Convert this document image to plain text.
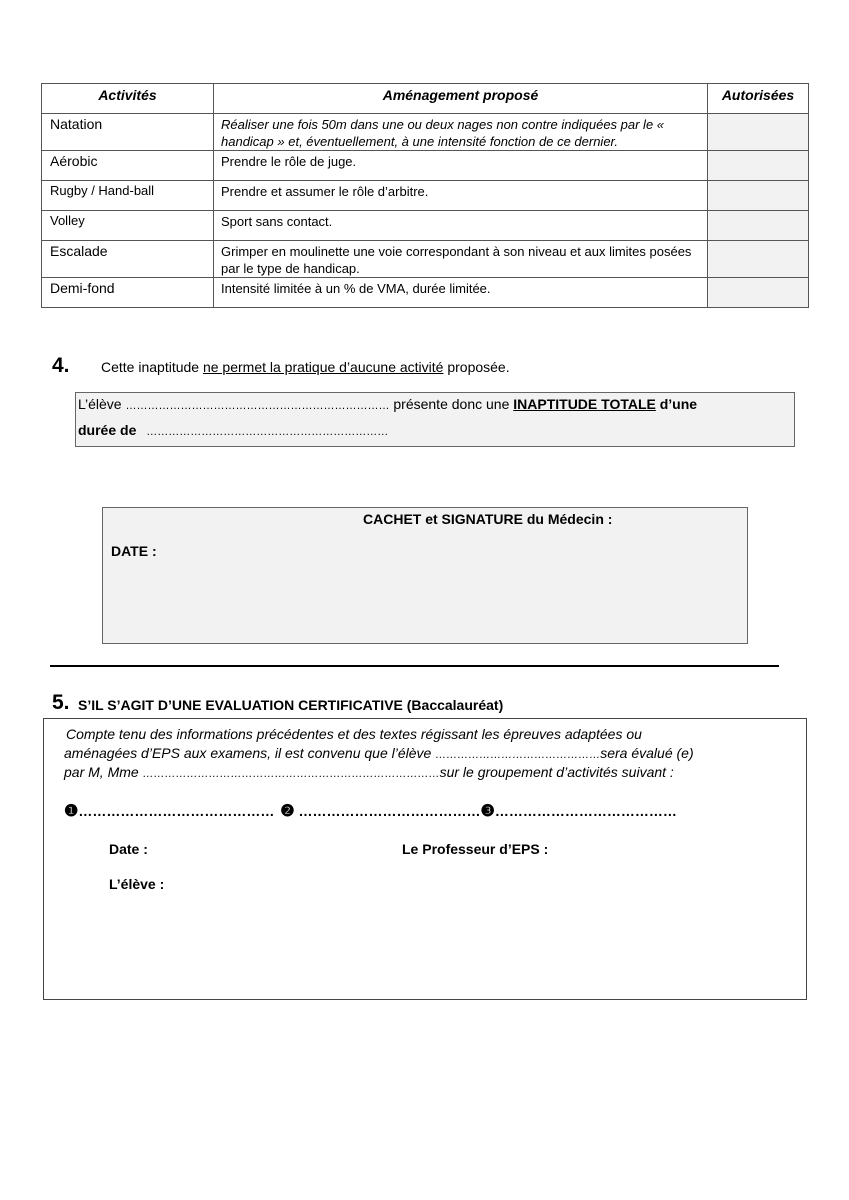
Activités	Aménagement proposé	Autorisées
Natation	Réaliser une fois 50m dans une ou deux nages non contre indiquées par le « handicap » et, éventuellement, à une intensité fonction de ce dernier.	
Aérobic	Prendre le rôle de juge.	
Rugby / Hand-ball	Prendre et assumer le rôle d’arbitre.	
Volley	Sport sans contact.	
Escalade	Grimper en moulinette une voie correspondant à son niveau et aux limites posées par le type de handicap.	
Demi-fond	Intensité limitée à un % de VMA, durée limitée.	
4. Cette inaptitude ne permet la pratique d’aucune activité proposée.
L’élève ……………………………………………………………… présente donc une INAPTITUDE TOTALE d’une
durée de …………………………………………………………
CACHET et SIGNATURE du Médecin :
DATE :
5. S’IL S’AGIT D’UNE EVALUATION CERTIFICATIVE (Baccalauréat)
Compte tenu des informations précédentes et des textes régissant les épreuves adaptées ou
aménagées d’EPS aux examens, il est convenu que l’élève ………………………………………sera évalué (e)
par M, Mme ………………………………………………………………………sur le groupement d’activités suivant :
❶…………………………………… ❷ …………………………………❸…………………………………
Date :	Le Professeur d’EPS :
L’élève :
